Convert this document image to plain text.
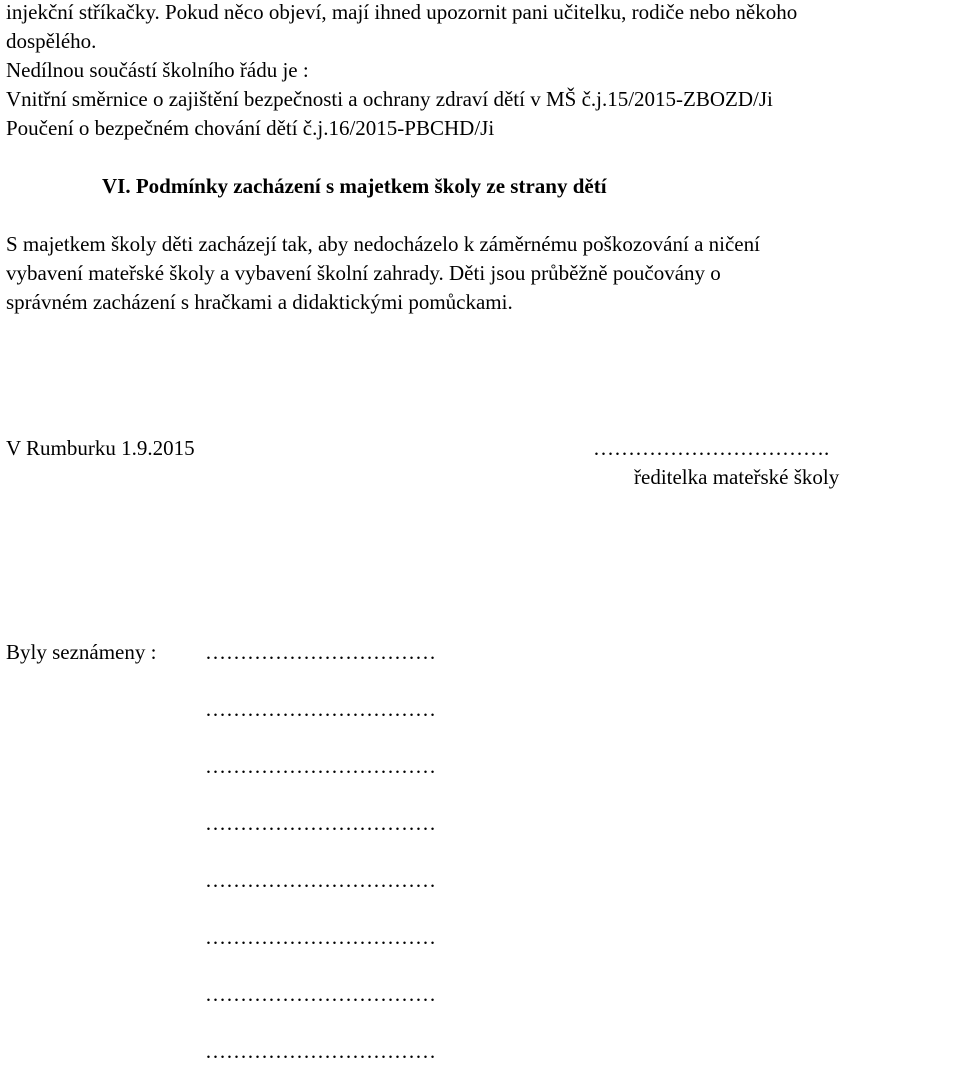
injekční stříkačky. Pokud něco objeví, mají ihned upozornit pani učitelku, rodiče nebo někoho
dospělého.
Nedílnou součástí školního řádu je :
Vnitřní směrnice o zajištění bezpečnosti a ochrany zdraví dětí v MŠ č.j.15/2015-ZBOZD/Ji
Poučení o bezpečném chování dětí č.j.16/2015-PBCHD/Ji
VI. Podmínky zacházení s majetkem školy ze strany dětí
S majetkem školy děti zacházejí tak, aby nedocházelo k záměrnému poškozování a ničení
vybavení mateřské školy a vybavení školní zahrady. Děti jsou průběžně poučovány o
správném zacházení s hračkami a didaktickými pomůckami.
V Rumburku 1.9.2015	…………………………….
ředitelka mateřské školy
Byly seznámeny : ……………………………
……………………………
……………………………
……………………………
……………………………
……………………………
……………………………
……………………………
